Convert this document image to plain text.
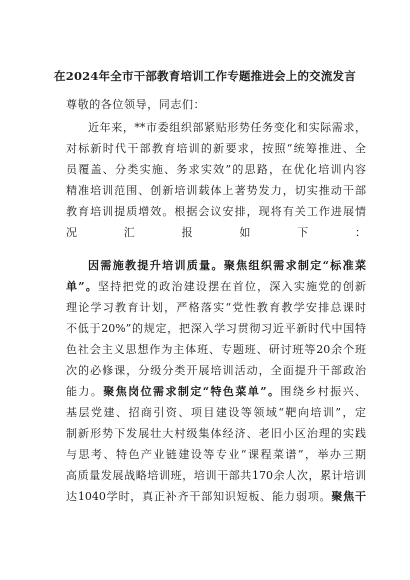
在2024年全市干部教育培训工作专题推进会上的交流发言
尊敬的各位领导，同志们：
近年来，**市委组织部紧贴形势任务变化和实际需求，
对标新时代干部教育培训的新要求，按照“统筹推进、全
员覆盖、分类实施、务求实效”的思路，在优化培训内容
精准培训范围、创新培训载体上著势发力，切实推动干部
教育培训提质增效。根据会议安排，现将有关工作进展情
况汇报如下：
因需施教提升培训质量。聚焦组织需求制定“标准菜
单”。坚持把党的政治建设摆在首位，深入实施党的创新
理论学习教育计划，严格落实“党性教育教学安排总课时
不低于20%”的规定，把深入学习贯彻习近平新时代中国特
色社会主义思想作为主体班、专题班、研讨班等20余个班
次的必修课，分级分类开展培训活动，全面提升干部政治
能力。聚焦岗位需求制定“特色菜单”。围绕乡村振兴、
基层党建、招商引资、项目建设等领域“靶向培训”，定
制新形势下发展壮大村级集体经济、老旧小区治理的实践
与思考、特色产业链建设等专业“课程菜谱”，举办三期
高质量发展战略培训班，培训干部共170余人次，累计培训
达1040学时，真正补齐干部知识短板、能力弱项。聚焦干
